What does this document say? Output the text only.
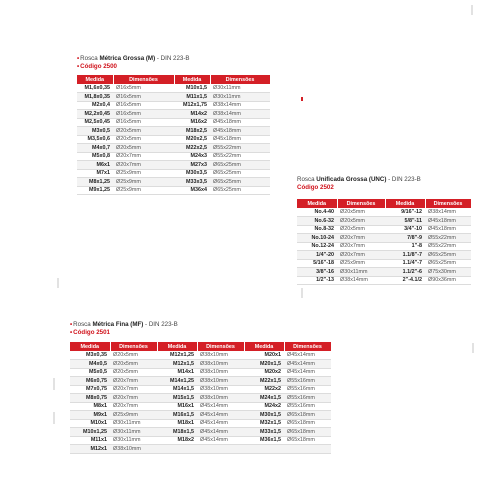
•Rosca Métrica Grossa (M) - DIN 223-B
•Código 2500
Medida	Dimensões	Medida	Dimensões
M1,6x0,35	Ø16x5mm	M10x1,5	Ø30x11mm
M1,8x0,35	Ø16x5mm	M11x1,5	Ø30x11mm
M2x0,4	Ø16x5mm	M12x1,75	Ø38x14mm
M2,2x0,45	Ø16x5mm	M14x2	Ø38x14mm
M2,5x0,45	Ø16x5mm	M16x2	Ø45x18mm
M3x0,5	Ø20x5mm	M18x2,5	Ø45x18mm
M3,5x0,6	Ø20x5mm	M20x2,5	Ø45x18mm
M4x0,7	Ø20x5mm	M22x2,5	Ø55x22mm
M5x0,8	Ø20x7mm	M24x3	Ø55x22mm
M6x1	Ø20x7mm	M27x3	Ø65x25mm
M7x1	Ø25x9mm	M30x3,5	Ø65x25mm
M8x1,25	Ø25x9mm	M33x3,5	Ø65x25mm
M9x1,25	Ø25x9mm	M36x4	Ø65x25mm
Rosca Unificada Grossa (UNC) - DIN 223-B
Código 2502
Medida	Dimensões	Medida	Dimensões
No.4-40	Ø20x5mm	9/16"-12	Ø38x14mm
No.6-32	Ø20x5mm	5/8"-11	Ø45x18mm
No.8-32	Ø20x5mm	3/4"-10	Ø45x18mm
No.10-24	Ø20x7mm	7/8"-9	Ø55x22mm
No.12-24	Ø20x7mm	1"-8	Ø55x22mm
1/4"-20	Ø20x7mm	1.1/8"-7	Ø65x25mm
5/16"-18	Ø25x9mm	1.1/4"-7	Ø65x25mm
3/8"-16	Ø30x11mm	1.1/2"-6	Ø75x30mm
1/2"-13	Ø38x14mm	2"-4.1/2	Ø90x36mm
•Rosca Métrica Fina (MF) - DIN 223-B
•Código 2501
Medida	Dimensões	Medida	Dimensões	Medida	Dimensões
M3x0,35	Ø20x5mm	M12x1,25	Ø38x10mm	M20x1	Ø45x14mm
M4x0,5	Ø20x5mm	M12x1,5	Ø38x10mm	M20x1,5	Ø45x14mm
M5x0,5	Ø20x5mm	M14x1	Ø38x10mm	M20x2	Ø45x14mm
M6x0,75	Ø20x7mm	M14x1,25	Ø38x10mm	M22x1,5	Ø55x16mm
M7x0,75	Ø20x7mm	M14x1,5	Ø38x10mm	M22x2	Ø55x16mm
M8x0,75	Ø20x7mm	M15x1,5	Ø38x10mm	M24x1,5	Ø55x16mm
M8x1	Ø20x7mm	M16x1	Ø45x14mm	M24x2	Ø55x16mm
M9x1	Ø25x9mm	M16x1,5	Ø45x14mm	M30x1,5	Ø65x18mm
M10x1	Ø30x11mm	M18x1	Ø45x14mm	M32x1,5	Ø65x18mm
M10x1,25	Ø30x11mm	M18x1,5	Ø45x14mm	M33x1,5	Ø65x18mm
M11x1	Ø30x11mm	M18x2	Ø45x14mm	M36x1,5	Ø65x18mm
M12x1	Ø38x10mm				
